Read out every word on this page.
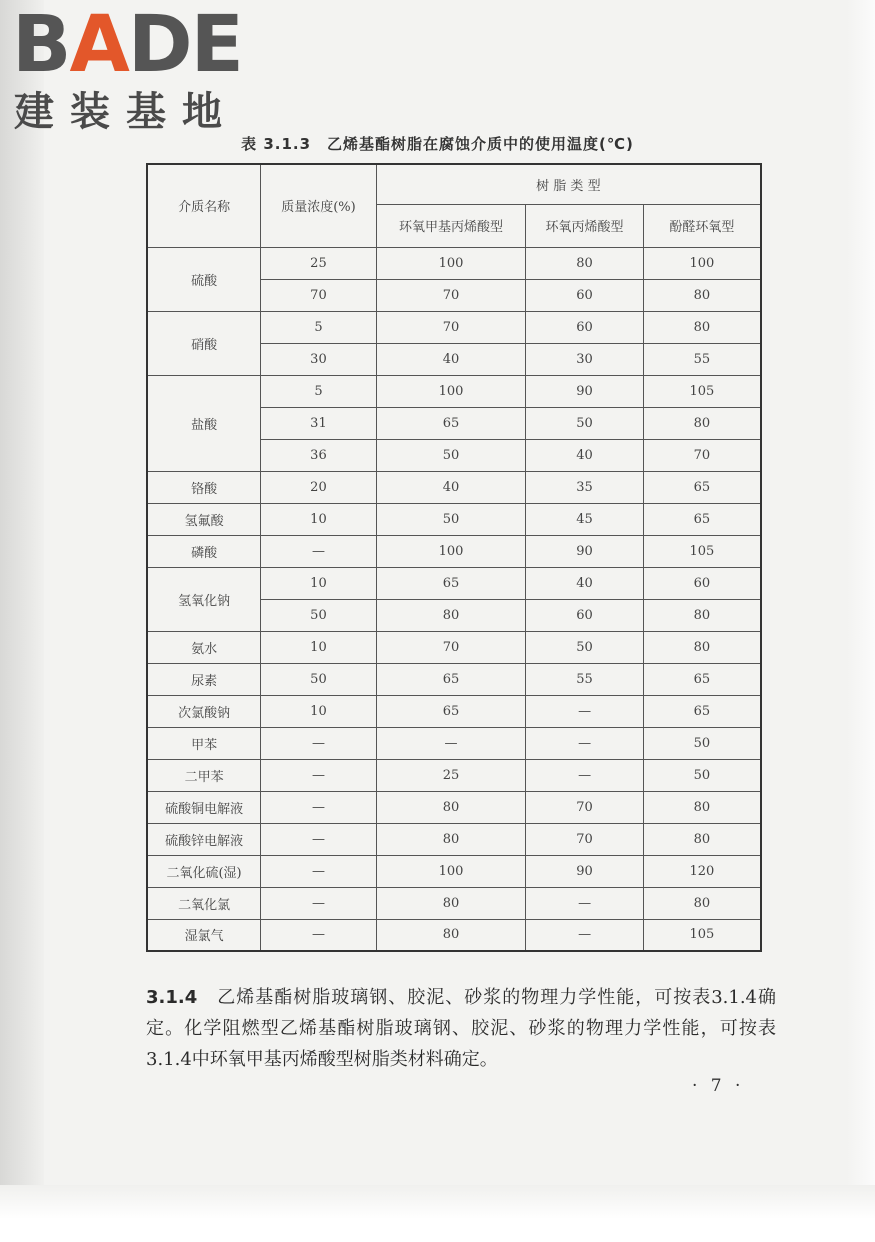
BADE
建装基地
表 3.1.3　乙烯基酯树脂在腐蚀介质中的使用温度(℃)
介质名称	质量浓度(%)	树 脂 类 型		
		环氧甲基丙烯酸型	环氧丙烯酸型	酚醛环氧型
硫酸	25	100	80	100
	70	70	60	80
硝酸	5	70	60	80
	30	40	30	55
盐酸	5	100	90	105
	31	65	50	80
	36	50	40	70
铬酸	20	40	35	65
氢氟酸	10	50	45	65
磷酸	—	100	90	105
氢氧化钠	10	65	40	60
	50	80	60	80
氨水	10	70	50	80
尿素	50	65	55	65
次氯酸钠	10	65	—	65
甲苯	—	—	—	50
二甲苯	—	25	—	50
硫酸铜电解液	—	80	70	80
硫酸锌电解液	—	80	70	80
二氧化硫(湿)	—	100	90	120
二氧化氯	—	80	—	80
湿氯气	—	80	—	105
3.1.4　 乙烯基酯树脂玻璃钢、胶泥、砂浆的物理力学性能，可按表3.1.4确定。化学阻燃型乙烯基酯树脂玻璃钢、胶泥、砂浆的物理力学性能，可按表3.1.4中环氧甲基丙烯酸型树脂类材料确定。
· 7 ·
